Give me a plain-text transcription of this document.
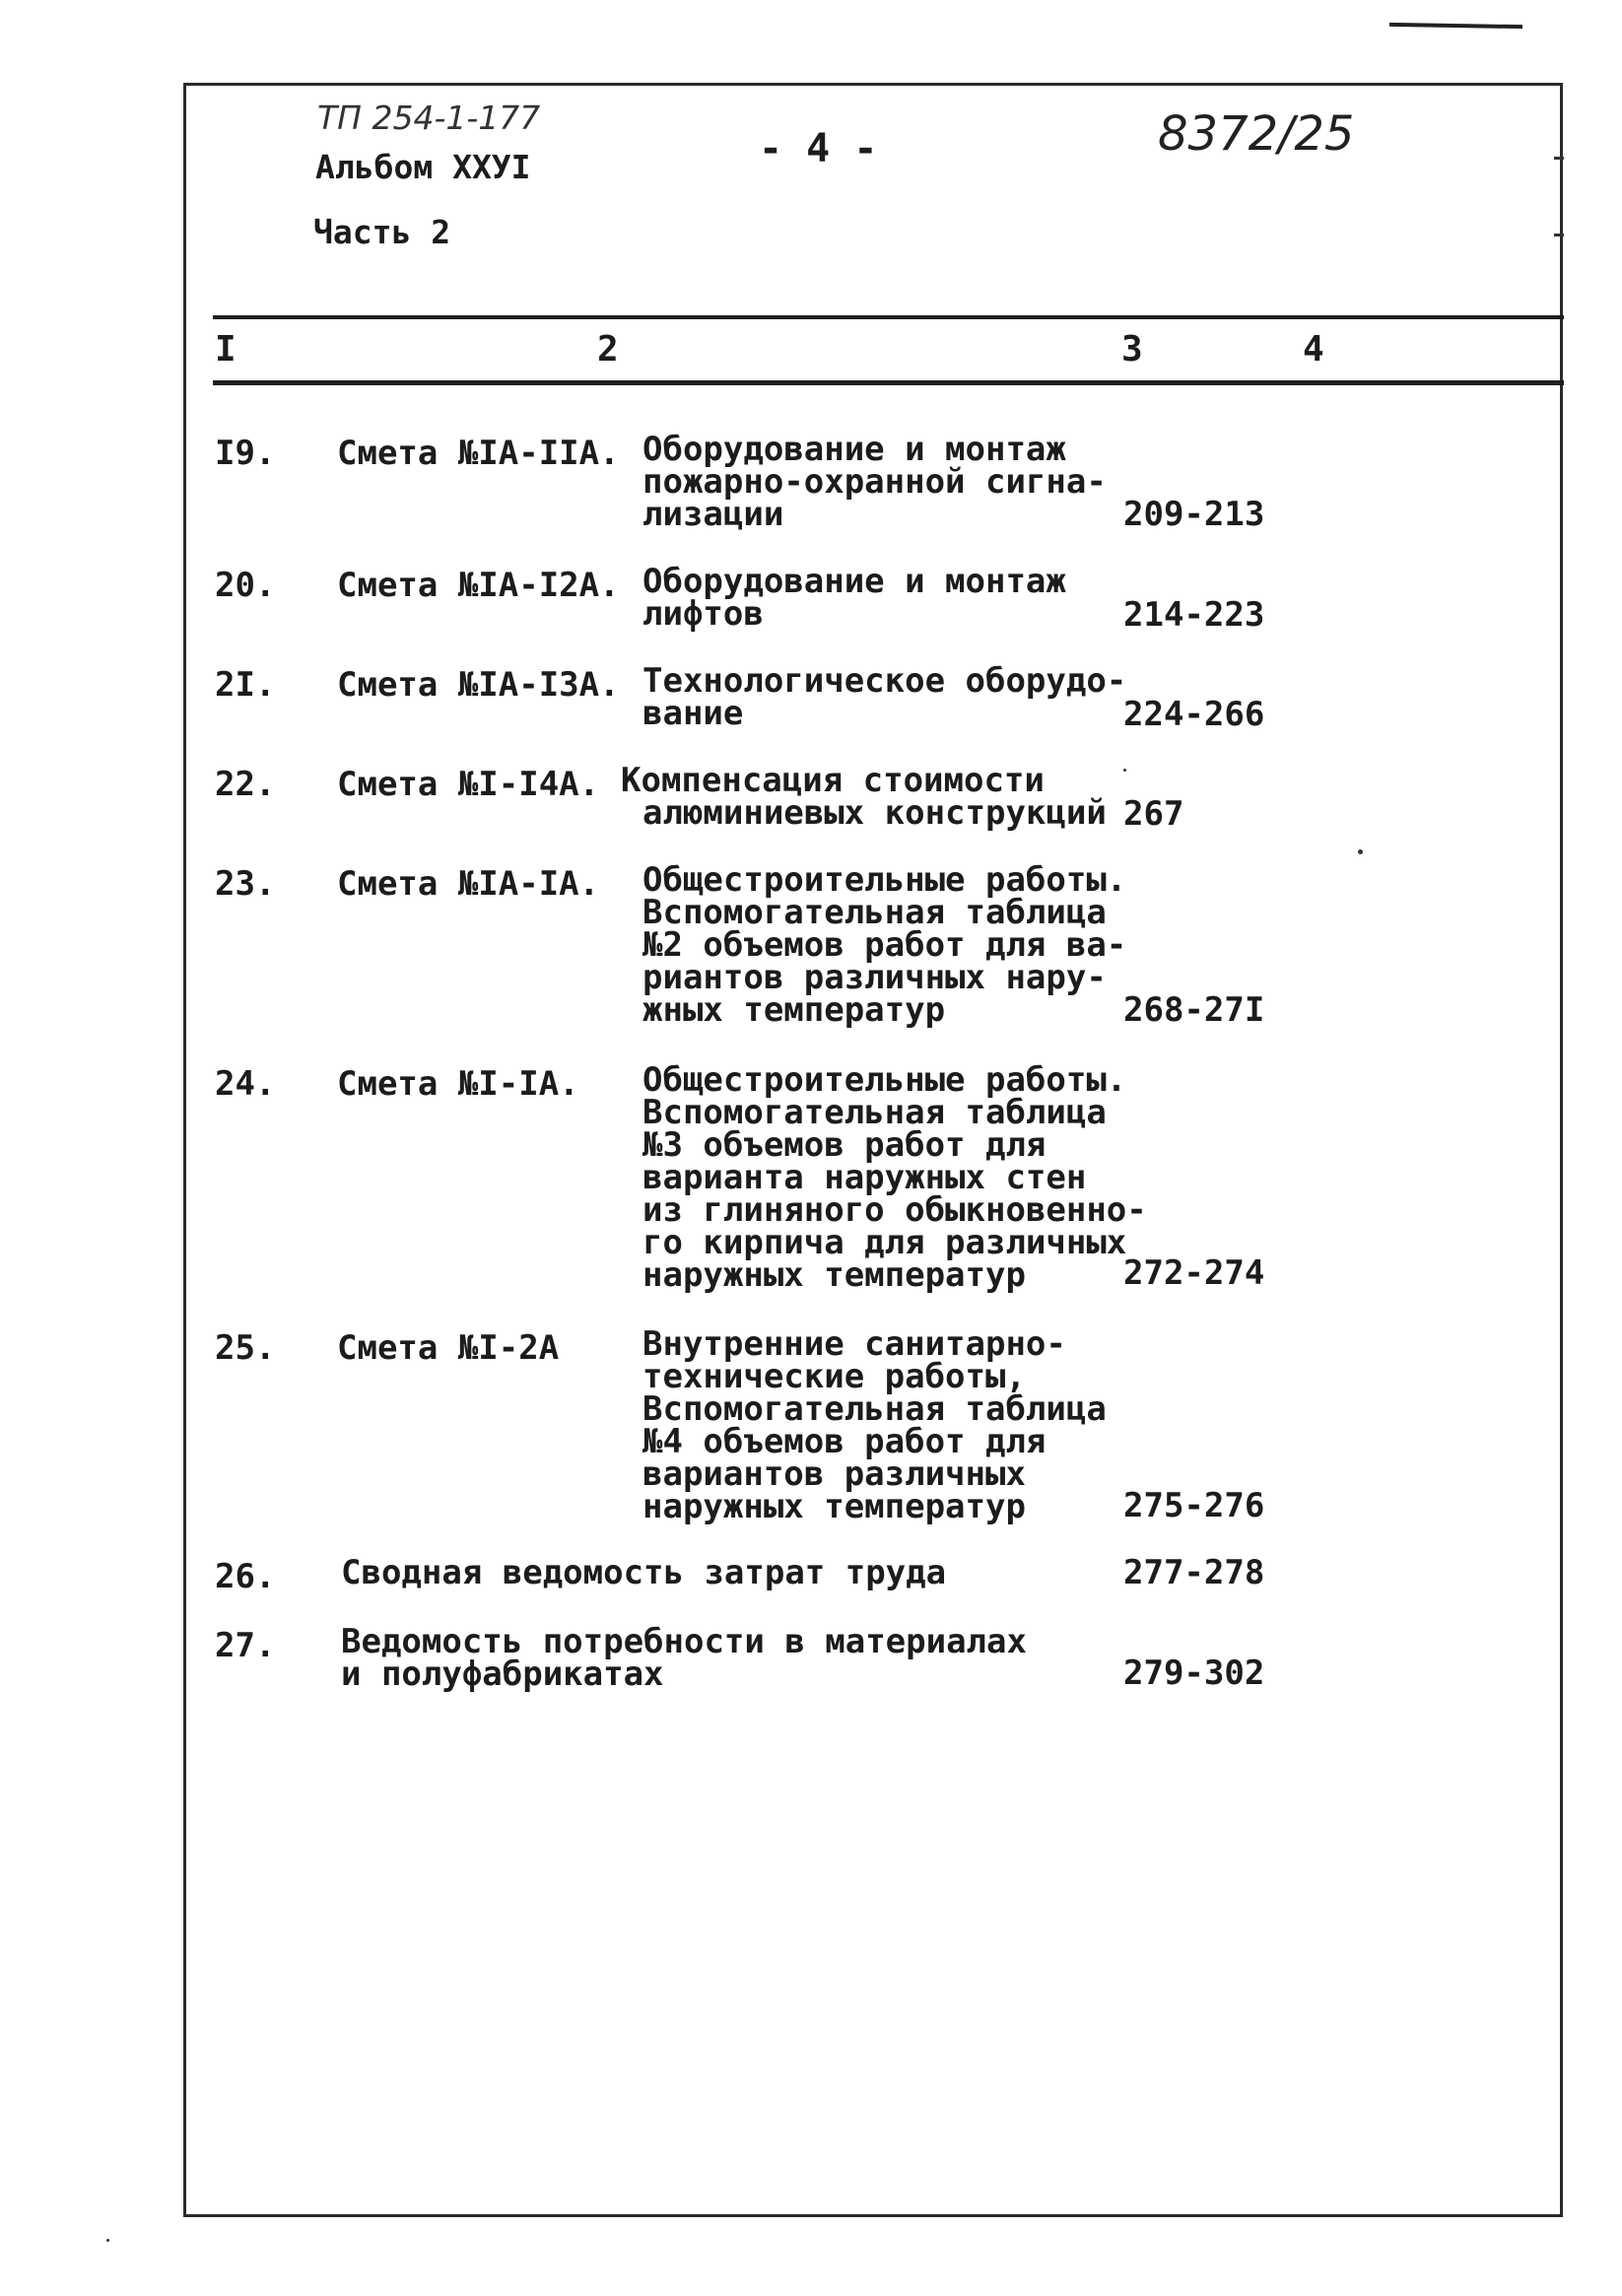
ТП 254-1-177
Альбом XXУI
Часть 2
- 4 -	8372/25
I	2	3	4
I9. Смета №IА-IIА. Оборудование и монтаж
пожарно-охранной сигна-
лизации	209-213
20. Смета №IА-I2А. Оборудование и монтаж
лифтов	214-223
2I. Смета №IА-I3А. Технологическое оборудо-
вание	224-266
22. Смета №I-I4А. Компенсация стоимости
алюминиевых конструкций 267
23. Смета №IА-IА. Общестроительные работы.
Вспомогательная таблица
№2 объемов работ для ва-
риантов различных нару-
жных температур	268-27I
24. Смета №I-IА. Общестроительные работы.
Вспомогательная таблица
№3 объемов работ для
варианта наружных стен
из глиняного обыкновенно-
го кирпича для различных
наружных температур	272-274
25. Смета №I-2А Внутренние санитарно-
технические работы,
Вспомогательная таблица
№4 объемов работ для
вариантов различных
наружных температур	275-276
26. Сводная ведомость затрат труда	277-278
27. Ведомость потребности в материалах
и полуфабрикатах	279-302
